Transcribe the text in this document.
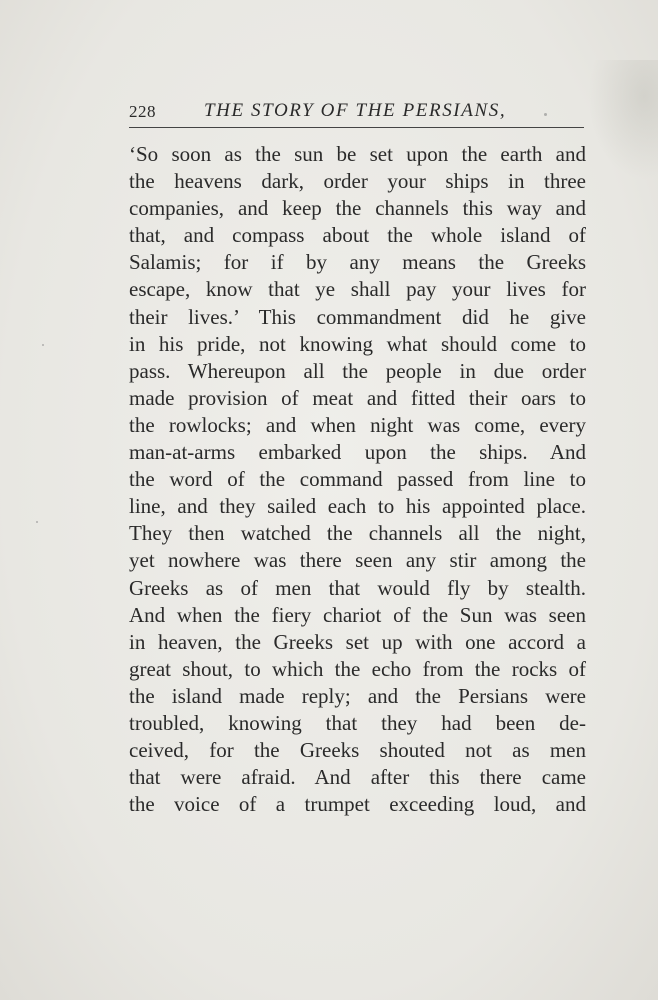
228	THE STORY OF THE PERSIANS,
‘So soon as the sun be set upon the earth and
the heavens dark, order your ships in three
companies, and keep the channels this way and
that, and compass about the whole island of
Salamis; for if by any means the Greeks
escape, know that ye shall pay your lives for
their lives.’ This commandment did he give
in his pride, not knowing what should come to
pass. Whereupon all the people in due order
made provision of meat and fitted their oars to
the rowlocks; and when night was come, every
man-at-arms embarked upon the ships. And
the word of the command passed from line to
line, and they sailed each to his appointed place.
They then watched the channels all the night,
yet nowhere was there seen any stir among the
Greeks as of men that would fly by stealth.
And when the fiery chariot of the Sun was seen
in heaven, the Greeks set up with one accord a
great shout, to which the echo from the rocks of
the island made reply; and the Persians were
troubled, knowing that they had been de-
ceived, for the Greeks shouted not as men
that were afraid. And after this there came
the voice of a trumpet exceeding loud, and
